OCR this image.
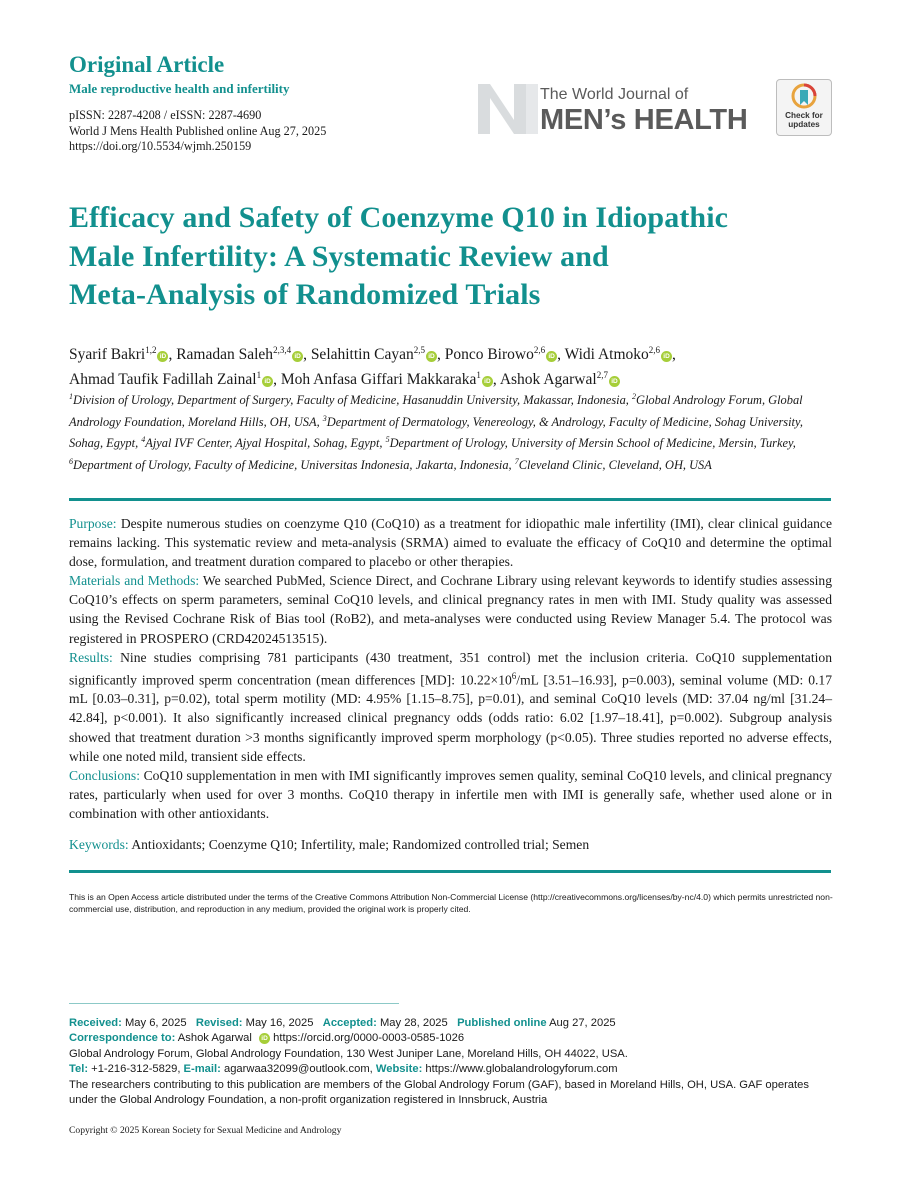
Original Article
Male reproductive health and infertility
pISSN: 2287-4208 / eISSN: 2287-4690
World J Mens Health Published online Aug 27, 2025
https://doi.org/10.5534/wjmh.250159
The World Journal of
MEN’s HEALTH	Check for
updates
Efficacy and Safety of Coenzyme Q10 in Idiopathic
Male Infertility: A Systematic Review and
Meta-Analysis of Randomized Trials
Syarif Bakri$^{1,2}$iD , Ramadan Saleh$^{2,3,4}$iD , Selahittin Cayan$^{2,5}$iD , Ponco Birowo$^{2,6}$iD , Widi Atmoko$^{2,6}$iD ,
Ahmad Taufik Fadillah Zainal$^1$iD , Moh Anfasa Giffari Makkaraka$^1$iD , Ashok Agarwal$^{2,7}$iD
$^1$Division of Urology, Department of Surgery, Faculty of Medicine, Hasanuddin University, Makassar, Indonesia, $^2$Global Andrology Forum, Global Andrology Foundation, Moreland Hills, OH, USA, $^3$Department of Dermatology, Venereology, & Andrology, Faculty of Medicine, Sohag University, Sohag, Egypt, $^4$Ajyal IVF Center, Ajyal Hospital, Sohag, Egypt, $^5$Department of Urology, University of Mersin School of Medicine, Mersin, Turkey, $^6$Department of Urology, Faculty of Medicine, Universitas Indonesia, Jakarta, Indonesia, $^7$Cleveland Clinic, Cleveland, OH, USA

Purpose: Despite numerous studies on coenzyme Q10 (CoQ10) as a treatment for idiopathic male infertility (IMI), clear clinical guidance remains lacking. This systematic review and meta-analysis (SRMA) aimed to evaluate the efficacy of CoQ10 and determine the optimal dose, formulation, and treatment duration compared to placebo or other therapies.

Materials and Methods: We searched PubMed, Science Direct, and Cochrane Library using relevant keywords to identify studies assessing CoQ10’s effects on sperm parameters, seminal CoQ10 levels, and clinical pregnancy rates in men with IMI. Study quality was assessed using the Revised Cochrane Risk of Bias tool (RoB2), and meta-analyses were conducted using Review Manager 5.4. The protocol was registered in PROSPERO (CRD42024513515).

Results: Nine studies comprising 781 participants (430 treatment, 351 control) met the inclusion criteria. CoQ10 supplementation significantly improved sperm concentration (mean differences [MD]: $10.22\times 10^6/mL$ [3.51–16.93], p=0.003), seminal volume (MD: 0.17 mL [0.03–0.31], p=0.02), total sperm motility (MD: 4.95% [1.15–8.75], p=0.01), and seminal CoQ10 levels (MD: 37.04 ng/ml [31.24–42.84], p<0.001). It also significantly increased clinical pregnancy odds (odds ratio: 6.02 [1.97–18.41], p=0.002). Subgroup analysis showed that treatment duration >3 months significantly improved sperm morphology (p<0.05). Three studies reported no adverse effects, while one noted mild, transient side effects.

Conclusions: CoQ10 supplementation in men with IMI significantly improves semen quality, seminal CoQ10 levels, and clinical pregnancy rates, particularly when used for over 3 months. CoQ10 therapy in infertile men with IMI is generally safe, whether used alone or in combination with other antioxidants.

Keywords: Antioxidants; Coenzyme Q10; Infertility, male; Randomized controlled trial; Semen
This is an Open Access article distributed under the terms of the Creative Commons Attribution Non-Commercial License (http://creativecommons.org/licenses/by-nc/4.0) which permits unrestricted non-commercial use, distribution, and reproduction in any medium, provided the original work is properly cited.
Received: May 6, 2025 Revised: May 16, 2025 Accepted: May 28, 2025 Published online Aug 27, 2025
Correspondence to: Ashok Agarwal iD https://orcid.org/0000-0003-0585-1026
Global Andrology Forum, Global Andrology Foundation, 130 West Juniper Lane, Moreland Hills, OH 44022, USA.
Tel: +1-216-312-5829, E-mail: agarwaa32099@outlook.com, Website: https://www.globalandrologyforum.com
The researchers contributing to this publication are members of the Global Andrology Forum (GAF), based in Moreland Hills, OH, USA. GAF operates under the Global Andrology Foundation, a non-profit organization registered in Innsbruck, Austria
Copyright © 2025 Korean Society for Sexual Medicine and Andrology
